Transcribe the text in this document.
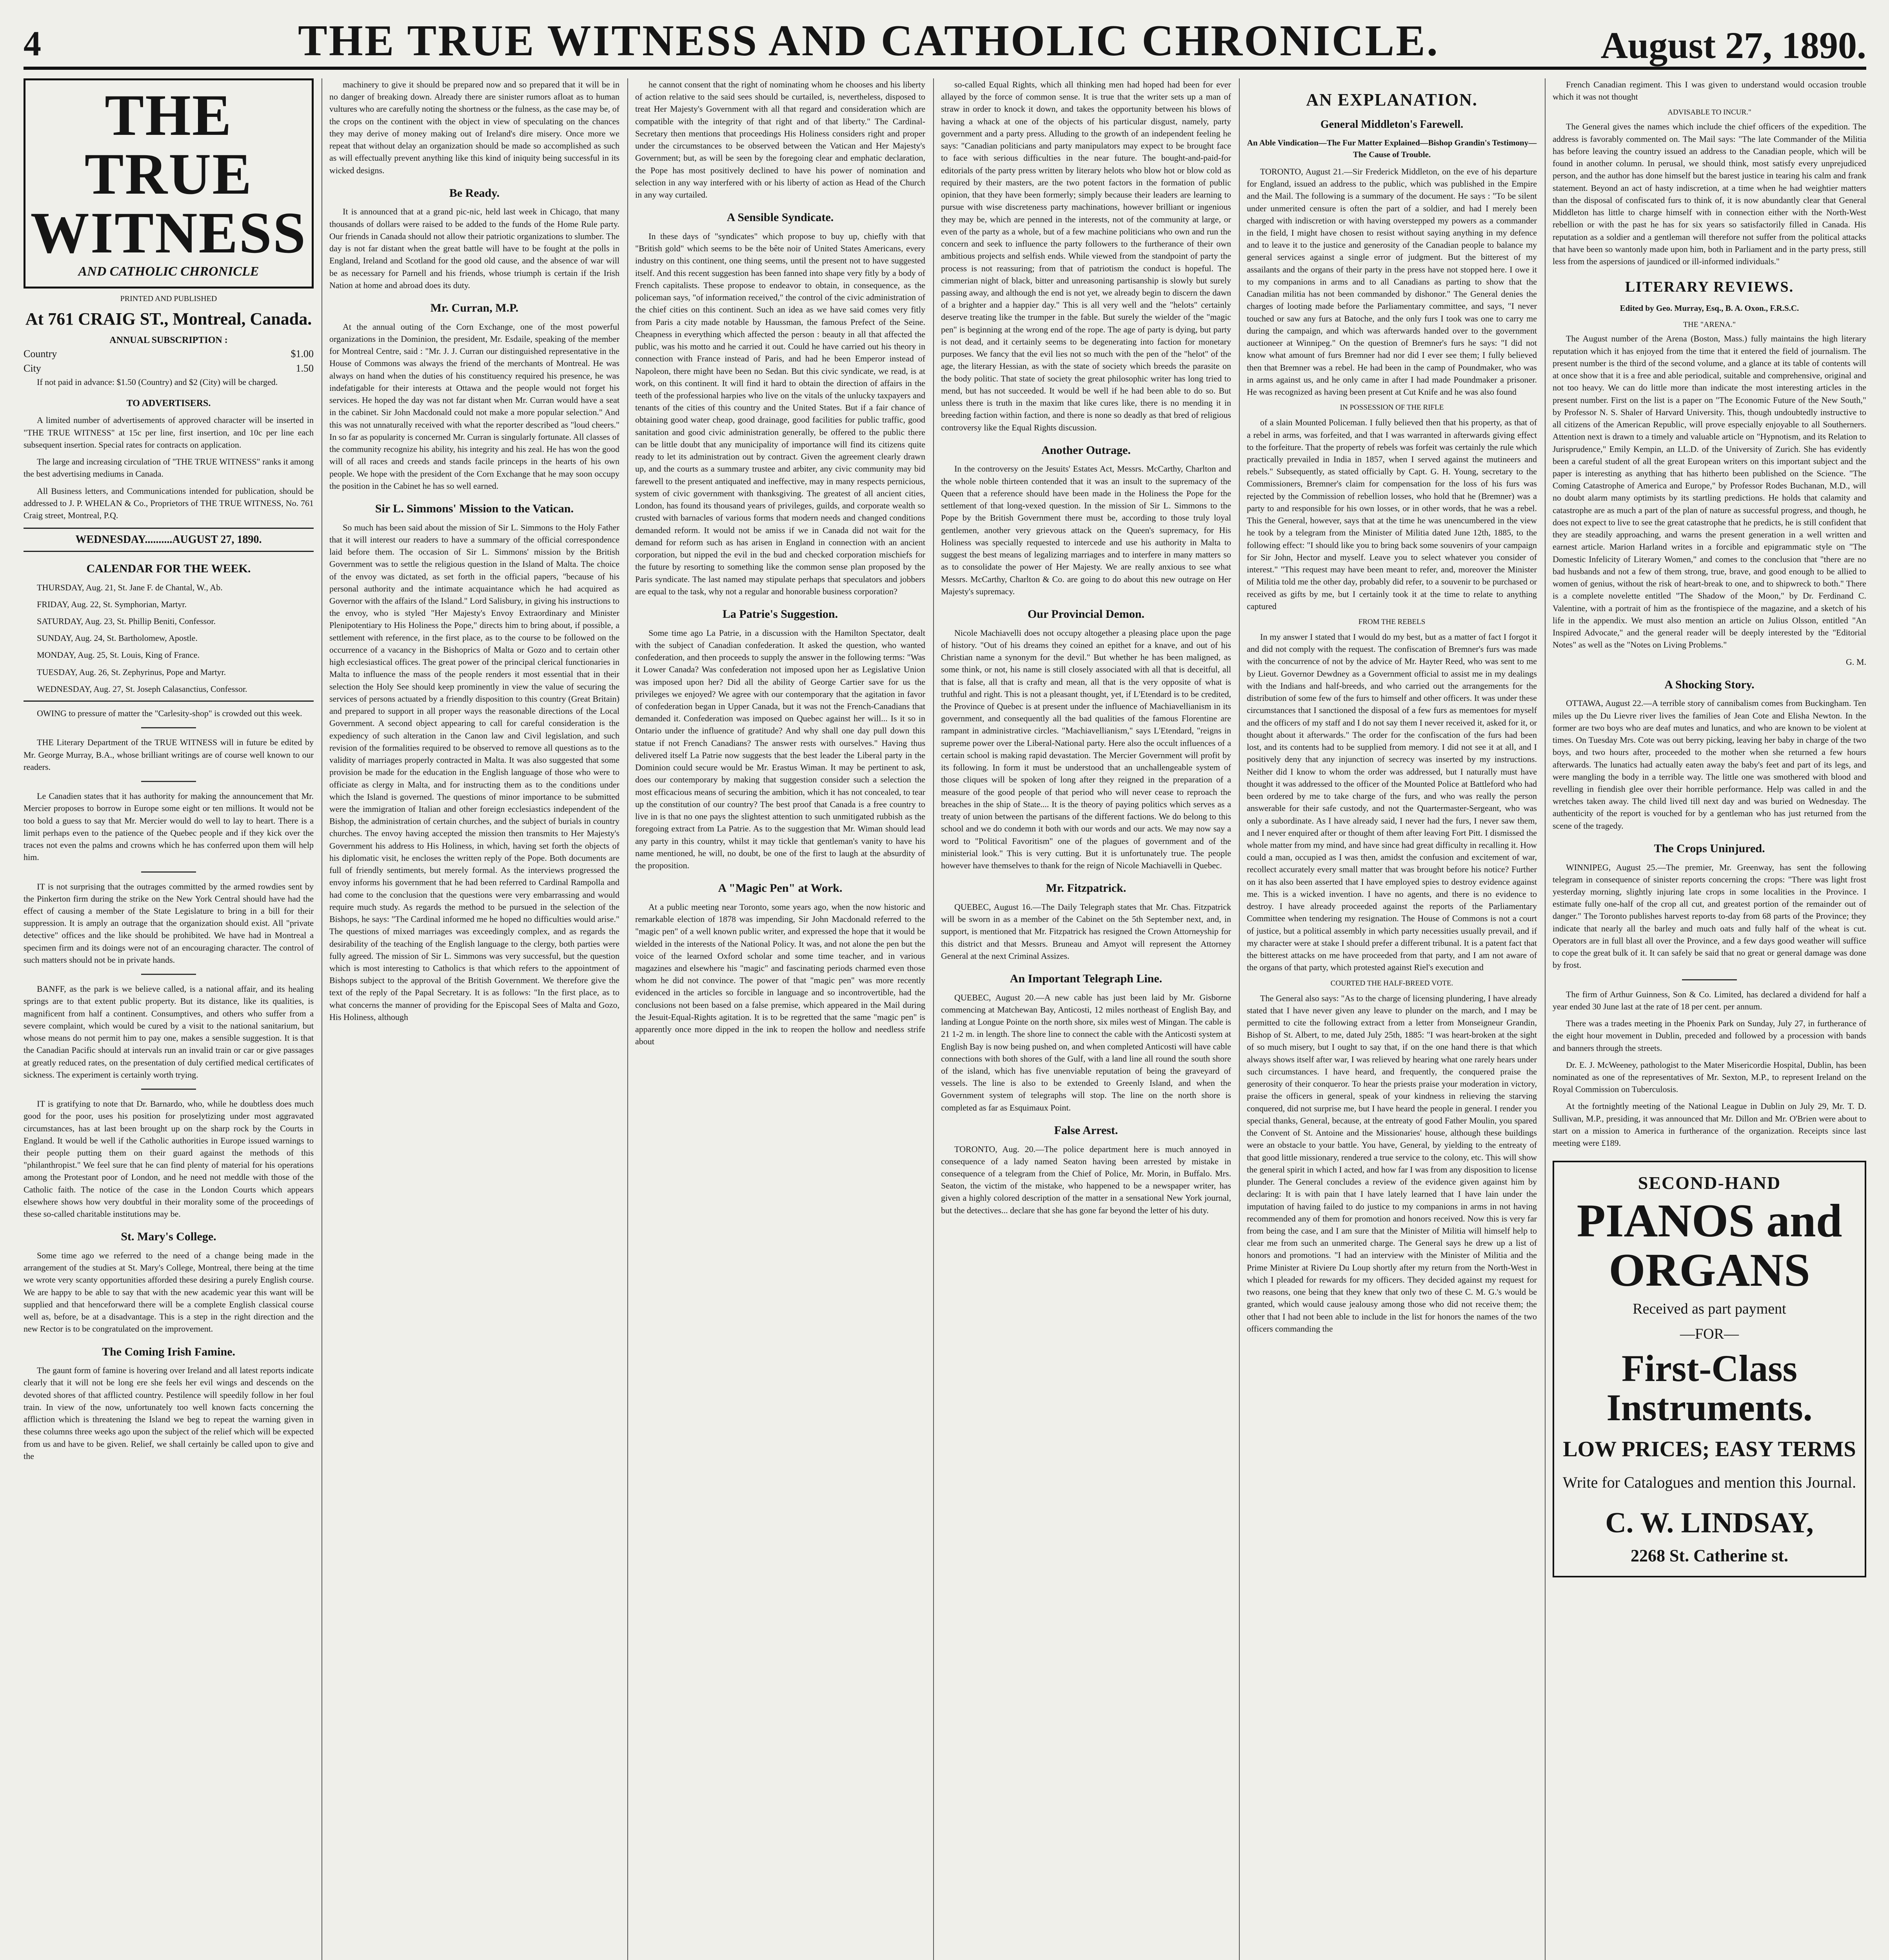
4	THE TRUE WITNESS AND CATHOLIC CHRONICLE.	August 27, 1890.
THE TRUE WITNESS
AND CATHOLIC CHRONICLE
PRINTED AND PUBLISHED
At 761 CRAIG ST., Montreal, Canada.
ANNUAL SUBSCRIPTION :
Country	$1.00
City	1.50

If not paid in advance: $1.50 (Country) and $2 (City) will be charged.

TO ADVERTISERS.

A limited number of advertisements of approved character will be inserted in "THE TRUE WITNESS" at 15c per line, first insertion, and 10c per line each subsequent insertion. Special rates for contracts on application.

The large and increasing circulation of "THE TRUE WITNESS" ranks it among the best advertising mediums in Canada.

All Business letters, and Communications intended for publication, should be addressed to J. P. WHELAN & Co., Proprietors of THE TRUE WITNESS, No. 761 Craig street, Montreal, P.Q.

WEDNESDAY..........AUGUST 27, 1890.
CALENDAR FOR THE WEEK.

THURSDAY, Aug. 21, St. Jane F. de Chantal, W., Ab.

FRIDAY, Aug. 22, St. Symphorian, Martyr.

SATURDAY, Aug. 23, St. Phillip Beniti, Confessor.

SUNDAY, Aug. 24, St. Bartholomew, Apostle.

MONDAY, Aug. 25, St. Louis, King of France.

TUESDAY, Aug. 26, St. Zephyrinus, Pope and Martyr.

WEDNESDAY, Aug. 27, St. Joseph Calasanctius, Confessor.

OWING to pressure of matter the "Carlesity-shop" is crowded out this week.

THE Literary Department of the TRUE WITNESS will in future be edited by Mr. George Murray, B.A., whose brilliant writings are of course well known to our readers.

Le Canadien states that it has authority for making the announcement that Mr. Mercier proposes to borrow in Europe some eight or ten millions. It would not be too bold a guess to say that Mr. Mercier would do well to lay to heart. There is a limit perhaps even to the patience of the Quebec people and if they kick over the traces not even the palms and crowns which he has conferred upon them will help him.

IT is not surprising that the outrages committed by the armed rowdies sent by the Pinkerton firm during the strike on the New York Central should have had the effect of causing a member of the State Legislature to bring in a bill for their suppression. It is amply an outrage that the organization should exist. All "private detective" offices and the like should be prohibited. We have had in Montreal a specimen firm and its doings were not of an encouraging character. The control of such matters should not be in private hands.

BANFF, as the park is we believe called, is a national affair, and its healing springs are to that extent public property. But its distance, like its qualities, is magnificent from half a continent. Consumptives, and others who suffer from a severe complaint, which would be cured by a visit to the national sanitarium, but whose means do not permit him to pay one, makes a sensible suggestion. It is that the Canadian Pacific should at intervals run an invalid train or car or give passages at greatly reduced rates, on the presentation of duly certified medical certificates of sickness. The experiment is certainly worth trying.

IT is gratifying to note that Dr. Barnardo, who, while he doubtless does much good for the poor, uses his position for proselytizing under most aggravated circumstances, has at last been brought up on the sharp rock by the Courts in England. It would be well if the Catholic authorities in Europe issued warnings to their people putting them on their guard against the methods of this "philanthropist." We feel sure that he can find plenty of material for his operations among the Protestant poor of London, and he need not meddle with those of the Catholic faith. The notice of the case in the London Courts which appears elsewhere shows how very doubtful in their morality some of the proceedings of these so-called charitable institutions may be.

St. Mary's College.

Some time ago we referred to the need of a change being made in the arrangement of the studies at St. Mary's College, Montreal, there being at the time we wrote very scanty opportunities afforded these desiring a purely English course. We are happy to be able to say that with the new academic year this want will be supplied and that henceforward there will be a complete English classical course well as, before, be at a disadvantage. This is a step in the right direction and the new Rector is to be congratulated on the improvement.

The Coming Irish Famine.

The gaunt form of famine is hovering over Ireland and all latest reports indicate clearly that it will not be long ere she feels her evil wings and descends on the devoted shores of that afflicted country. Pestilence will speedily follow in her foul train. In view of the now, unfortunately too well known facts concerning the affliction which is threatening the Island we beg to repeat the warning given in these columns three weeks ago upon the subject of the relief which will be expected from us and have to be given. Relief, we shall certainly be called upon to give and the

machinery to give it should be prepared now and so prepared that it will be in no danger of breaking down. Already there are sinister rumors afloat as to human vultures who are carefully noting the shortness or the fulness, as the case may be, of the crops on the continent with the object in view of speculating on the chances they may derive of money making out of Ireland's dire misery. Once more we repeat that without delay an organization should be made so accomplished as such as will effectually prevent anything like this kind of iniquity being successful in its wicked designs.

Be Ready.

It is announced that at a grand pic-nic, held last week in Chicago, that many thousands of dollars were raised to be added to the funds of the Home Rule party. Our friends in Canada should not allow their patriotic organizations to slumber. The day is not far distant when the great battle will have to be fought at the polls in England, Ireland and Scotland for the good old cause, and the absence of war will be as necessary for Parnell and his friends, whose triumph is certain if the Irish Nation at home and abroad does its duty.

Mr. Curran, M.P.

At the annual outing of the Corn Exchange, one of the most powerful organizations in the Dominion, the president, Mr. Esdaile, speaking of the member for Montreal Centre, said : "Mr. J. J. Curran our distinguished representative in the House of Commons was always the friend of the merchants of Montreal. He was always on hand when the duties of his constituency required his presence, he was indefatigable for their interests at Ottawa and the people would not forget his services. He hoped the day was not far distant when Mr. Curran would have a seat in the cabinet. Sir John Macdonald could not make a more popular selection." And this was not unnaturally received with what the reporter described as "loud cheers." In so far as popularity is concerned Mr. Curran is singularly fortunate. All classes of the community recognize his ability, his integrity and his zeal. He has won the good will of all races and creeds and stands facile princeps in the hearts of his own people. We hope with the president of the Corn Exchange that he may soon occupy the position in the Cabinet he has so well earned.

Sir L. Simmons' Mission to the Vatican.

So much has been said about the mission of Sir L. Simmons to the Holy Father that it will interest our readers to have a summary of the official correspondence laid before them. The occasion of Sir L. Simmons' mission by the British Government was to settle the religious question in the Island of Malta. The choice of the envoy was dictated, as set forth in the official papers, "because of his personal authority and the intimate acquaintance which he had acquired as Governor with the affairs of the Island." Lord Salisbury, in giving his instructions to the envoy, who is styled "Her Majesty's Envoy Extraordinary and Minister Plenipotentiary to His Holiness the Pope," directs him to bring about, if possible, a settlement with reference, in the first place, as to the course to be followed on the occurrence of a vacancy in the Bishoprics of Malta or Gozo and to certain other high ecclesiastical offices. The great power of the principal clerical functionaries in Malta to influence the mass of the people renders it most essential that in their selection the Holy See should keep prominently in view the value of securing the services of persons actuated by a friendly disposition to this country (Great Britain) and prepared to support in all proper ways the reasonable directions of the Local Government. A second object appearing to call for careful consideration is the expediency of such alteration in the Canon law and Civil legislation, and such revision of the formalities required to be observed to remove all questions as to the validity of marriages properly contracted in Malta. It was also suggested that some provision be made for the education in the English language of those who were to officiate as clergy in Malta, and for instructing them as to the conditions under which the Island is governed. The questions of minor importance to be submitted were the immigration of Italian and other foreign ecclesiastics independent of the Bishop, the administration of certain churches, and the subject of burials in country churches. The envoy having accepted the mission then transmits to Her Majesty's Government his address to His Holiness, in which, having set forth the objects of his diplomatic visit, he encloses the written reply of the Pope. Both documents are full of friendly sentiments, but merely formal. As the interviews progressed the envoy informs his government that he had been referred to Cardinal Rampolla and had come to the conclusion that the questions were very embarrassing and would require much study. As regards the method to be pursued in the selection of the Bishops, he says: "The Cardinal informed me he hoped no difficulties would arise." The questions of mixed marriages was exceedingly complex, and as regards the desirability of the teaching of the English language to the clergy, both parties were fully agreed. The mission of Sir L. Simmons was very successful, but the question which is most interesting to Catholics is that which refers to the appointment of Bishops subject to the approval of the British Government. We therefore give the text of the reply of the Papal Secretary. It is as follows: "In the first place, as to what concerns the manner of providing for the Episcopal Sees of Malta and Gozo, His Holiness, although

he cannot consent that the right of nominating whom he chooses and his liberty of action relative to the said sees should be curtailed, is, nevertheless, disposed to treat Her Majesty's Government with all that regard and consideration which are compatible with the integrity of that right and of that liberty." The Cardinal-Secretary then mentions that proceedings His Holiness considers right and proper under the circumstances to be observed between the Vatican and Her Majesty's Government; but, as will be seen by the foregoing clear and emphatic declaration, the Pope has most positively declined to have his power of nomination and selection in any way interfered with or his liberty of action as Head of the Church in any way curtailed.

A Sensible Syndicate.

In these days of "syndicates" which propose to buy up, chiefly with that "British gold" which seems to be the bête noir of United States Americans, every industry on this continent, one thing seems, until the present not to have suggested itself. And this recent suggestion has been fanned into shape very fitly by a body of French capitalists. These propose to endeavor to obtain, in consequence, as the policeman says, "of information received," the control of the civic administration of the chief cities on this continent. Such an idea as we have said comes very fitly from Paris a city made notable by Haussman, the famous Prefect of the Seine. Cheapness in everything which affected the person : beauty in all that affected the public, was his motto and he carried it out. Could he have carried out his theory in connection with France instead of Paris, and had he been Emperor instead of Napoleon, there might have been no Sedan. But this civic syndicate, we read, is at work, on this continent. It will find it hard to obtain the direction of affairs in the teeth of the professional harpies who live on the vitals of the unlucky taxpayers and tenants of the cities of this country and the United States. But if a fair chance of obtaining good water cheap, good drainage, good facilities for public traffic, good sanitation and good civic administration generally, be offered to the public there can be little doubt that any municipality of importance will find its citizens quite ready to let its administration out by contract. Given the agreement clearly drawn up, and the courts as a summary trustee and arbiter, any civic community may bid farewell to the present antiquated and ineffective, may in many respects pernicious, system of civic government with thanksgiving. The greatest of all ancient cities, London, has found its thousand years of privileges, guilds, and corporate wealth so crusted with barnacles of various forms that modern needs and changed conditions demanded reform. It would not be amiss if we in Canada did not wait for the demand for reform such as has arisen in England in connection with an ancient corporation, but nipped the evil in the bud and checked corporation mischiefs for the future by resorting to something like the common sense plan proposed by the Paris syndicate. The last named may stipulate perhaps that speculators and jobbers are equal to the task, why not a regular and honorable business corporation?

La Patrie's Suggestion.

Some time ago La Patrie, in a discussion with the Hamilton Spectator, dealt with the subject of Canadian confederation. It asked the question, who wanted confederation, and then proceeds to supply the answer in the following terms: "Was it Lower Canada? Was confederation not imposed upon her as Legislative Union was imposed upon her? Did all the ability of George Cartier save for us the privileges we enjoyed? We agree with our contemporary that the agitation in favor of confederation began in Upper Canada, but it was not the French-Canadians that demanded it. Confederation was imposed on Quebec against her will... Is it so in Ontario under the influence of gratitude? And why shall one day pull down this statue if not French Canadians? The answer rests with ourselves." Having thus delivered itself La Patrie now suggests that the best leader the Liberal party in the Dominion could secure would be Mr. Erastus Wiman. It may be pertinent to ask, does our contemporary by making that suggestion consider such a selection the most efficacious means of securing the ambition, which it has not concealed, to tear up the constitution of our country? The best proof that Canada is a free country to live in is that no one pays the slightest attention to such unmitigated rubbish as the foregoing extract from La Patrie. As to the suggestion that Mr. Wiman should lead any party in this country, whilst it may tickle that gentleman's vanity to have his name mentioned, he will, no doubt, be one of the first to laugh at the absurdity of the proposition.

A "Magic Pen" at Work.

At a public meeting near Toronto, some years ago, when the now historic and remarkable election of 1878 was impending, Sir John Macdonald referred to the "magic pen" of a well known public writer, and expressed the hope that it would be wielded in the interests of the National Policy. It was, and not alone the pen but the voice of the learned Oxford scholar and some time teacher, and in various magazines and elsewhere his "magic" and fascinating periods charmed even those whom he did not convince. The power of that "magic pen" was more recently evidenced in the articles so forcible in language and so incontrovertible, had the conclusions not been based on a false premise, which appeared in the Mail during the Jesuit-Equal-Rights agitation. It is to be regretted that the same "magic pen" is apparently once more dipped in the ink to reopen the hollow and needless strife about

so-called Equal Rights, which all thinking men had hoped had been for ever allayed by the force of common sense. It is true that the writer sets up a man of straw in order to knock it down, and takes the opportunity between his blows of having a whack at one of the objects of his particular disgust, namely, party government and a party press. Alluding to the growth of an independent feeling he says: "Canadian politicians and party manipulators may expect to be brought face to face with serious difficulties in the near future. The bought-and-paid-for editorials of the party press written by literary helots who blow hot or blow cold as required by their masters, are the two potent factors in the formation of public opinion, that they have been formerly; simply because their leaders are learning to pursue with wise discreteness party machinations, however brilliant or ingenious they may be, which are penned in the interests, not of the community at large, or even of the party as a whole, but of a few machine politicians who own and run the concern and seek to influence the party followers to the furtherance of their own ambitious projects and selfish ends. While viewed from the standpoint of party the process is not reassuring; from that of patriotism the conduct is hopeful. The cimmerian night of black, bitter and unreasoning partisanship is slowly but surely passing away, and although the end is not yet, we already begin to discern the dawn of a brighter and a happier day." This is all very well and the "helots" certainly deserve treating like the trumper in the fable. But surely the wielder of the "magic pen" is beginning at the wrong end of the rope. The age of party is dying, but party is not dead, and it certainly seems to be degenerating into faction for monetary purposes. We fancy that the evil lies not so much with the pen of the "helot" of the age, the literary Hessian, as with the state of society which breeds the parasite on the body politic. That state of society the great philosophic writer has long tried to mend, but has not succeeded. It would be well if he had been able to do so. But unless there is truth in the maxim that like cures like, there is no mending it in breeding faction within faction, and there is none so deadly as that bred of religious controversy like the Equal Rights discussion.

Another Outrage.

In the controversy on the Jesuits' Estates Act, Messrs. McCarthy, Charlton and the whole noble thirteen contended that it was an insult to the supremacy of the Queen that a reference should have been made in the Holiness the Pope for the settlement of that long-vexed question. In the mission of Sir L. Simmons to the Pope by the British Government there must be, according to those truly loyal gentlemen, another very grievous attack on the Queen's supremacy, for His Holiness was specially requested to intercede and use his authority in Malta to suggest the best means of legalizing marriages and to interfere in many matters so as to consolidate the power of Her Majesty. We are really anxious to see what Messrs. McCarthy, Charlton & Co. are going to do about this new outrage on Her Majesty's supremacy.

Our Provincial Demon.

Nicole Machiavelli does not occupy altogether a pleasing place upon the page of history. "Out of his dreams they coined an epithet for a knave, and out of his Christian name a synonym for the devil." But whether he has been maligned, as some think, or not, his name is still closely associated with all that is deceitful, all that is false, all that is crafty and mean, all that is the very opposite of what is truthful and right. This is not a pleasant thought, yet, if L'Etendard is to be credited, the Province of Quebec is at present under the influence of Machiavellianism in its government, and consequently all the bad qualities of the famous Florentine are rampant in administrative circles. "Machiavellianism," says L'Etendard, "reigns in supreme power over the Liberal-National party. Here also the occult influences of a certain school is making rapid devastation. The Mercier Government will profit by its following. In form it must be understood that an unchallengeable system of those cliques will be spoken of long after they reigned in the preparation of a measure of the good people of that period who will never cease to reproach the breaches in the ship of State.... It is the theory of paying politics which serves as a treaty of union between the partisans of the different factions. We do belong to this school and we do condemn it both with our words and our acts. We may now say a word to "Political Favoritism" one of the plagues of government and of the ministerial look." This is very cutting. But it is unfortunately true. The people however have themselves to thank for the reign of Nicole Machiavelli in Quebec.

Mr. Fitzpatrick.

QUEBEC, August 16.—The Daily Telegraph states that Mr. Chas. Fitzpatrick will be sworn in as a member of the Cabinet on the 5th September next, and, in support, is mentioned that Mr. Fitzpatrick has resigned the Crown Attorneyship for this district and that Messrs. Bruneau and Amyot will represent the Attorney General at the next Criminal Assizes.

An Important Telegraph Line.

QUEBEC, August 20.—A new cable has just been laid by Mr. Gisborne commencing at Matchewan Bay, Anticosti, 12 miles northeast of English Bay, and landing at Longue Pointe on the north shore, six miles west of Mingan. The cable is 21 1-2 m. in length. The shore line to connect the cable with the Anticosti system at English Bay is now being pushed on, and when completed Anticosti will have cable connections with both shores of the Gulf, with a land line all round the south shore of the island, which has five unenviable reputation of being the graveyard of vessels. The line is also to be extended to Greenly Island, and when the Government system of telegraphs will stop. The line on the north shore is completed as far as Esquimaux Point.

False Arrest.

TORONTO, Aug. 20.—The police department here is much annoyed in consequence of a lady named Seaton having been arrested by mistake in consequence of a telegram from the Chief of Police, Mr. Morin, in Buffalo. Mrs. Seaton, the victim of the mistake, who happened to be a newspaper writer, has given a highly colored description of the matter in a sensational New York journal, but the detectives... declare that she has gone far beyond the letter of his duty.

AN EXPLANATION.
General Middleton's Farewell.
An Able Vindication—The Fur Matter Explained—Bishop Grandin's Testimony—The Cause of Trouble.

TORONTO, August 21.—Sir Frederick Middleton, on the eve of his departure for England, issued an address to the public, which was published in the Empire and the Mail. The following is a summary of the document. He says : "To be silent under unmerited censure is often the part of a soldier, and had I merely been charged with indiscretion or with having overstepped my powers as a commander in the field, I might have chosen to resist without saying anything in my defence and to leave it to the justice and generosity of the Canadian people to balance my general services against a single error of judgment. But the bitterest of my assailants and the organs of their party in the press have not stopped here. I owe it to my companions in arms and to all Canadians as parting to show that the Canadian militia has not been commanded by dishonor." The General denies the charges of looting made before the Parliamentary committee, and says, "I never touched or saw any furs at Batoche, and the only furs I took was one to carry me during the campaign, and which was afterwards handed over to the government auctioneer at Winnipeg." On the question of Bremner's furs he says: "I did not know what amount of furs Bremner had nor did I ever see them; I fully believed then that Bremner was a rebel. He had been in the camp of Poundmaker, who was in arms against us, and he only came in after I had made Poundmaker a prisoner. He was recognized as having been present at Cut Knife and he was also found

IN POSSESSION OF THE RIFLE

of a slain Mounted Policeman. I fully believed then that his property, as that of a rebel in arms, was forfeited, and that I was warranted in afterwards giving effect to the forfeiture. That the property of rebels was forfeit was certainly the rule which practically prevailed in India in 1857, when I served against the mutineers and rebels." Subsequently, as stated officially by Capt. G. H. Young, secretary to the Commissioners, Bremner's claim for compensation for the loss of his furs was rejected by the Commission of rebellion losses, who hold that he (Bremner) was a party to and responsible for his own losses, or in other words, that he was a rebel. This the General, however, says that at the time he was unencumbered in the view he took by a telegram from the Minister of Militia dated June 12th, 1885, to the following effect: "I should like you to bring back some souvenirs of your campaign for Sir John, Hector and myself. Leave you to select whatever you consider of interest." "This request may have been meant to refer, and, moreover the Minister of Militia told me the other day, probably did refer, to a souvenir to be purchased or received as gifts by me, but I certainly took it at the time to relate to anything captured

FROM THE REBELS

In my answer I stated that I would do my best, but as a matter of fact I forgot it and did not comply with the request. The confiscation of Bremner's furs was made with the concurrence of not by the advice of Mr. Hayter Reed, who was sent to me by Lieut. Governor Dewdney as a Government official to assist me in my dealings with the Indians and half-breeds, and who carried out the arrangements for the distribution of some few of the furs to himself and other officers. It was under these circumstances that I sanctioned the disposal of a few furs as mementoes for myself and the officers of my staff and I do not say them I never received it, asked for it, or thought about it afterwards." The order for the confiscation of the furs had been lost, and its contents had to be supplied from memory. I did not see it at all, and I positively deny that any injunction of secrecy was inserted by my instructions. Neither did I know to whom the order was addressed, but I naturally must have thought it was addressed to the officer of the Mounted Police at Battleford who had been ordered by me to take charge of the furs, and who was really the person answerable for their safe custody, and not the Quartermaster-Sergeant, who was only a subordinate. As I have already said, I never had the furs, I never saw them, and I never enquired after or thought of them after leaving Fort Pitt. I dismissed the whole matter from my mind, and have since had great difficulty in recalling it. How could a man, occupied as I was then, amidst the confusion and excitement of war, recollect accurately every small matter that was brought before his notice? Further on it has also been asserted that I have employed spies to destroy evidence against me. This is a wicked invention. I have no agents, and there is no evidence to destroy. I have already proceeded against the reports of the Parliamentary Committee when tendering my resignation. The House of Commons is not a court of justice, but a political assembly in which party necessities usually prevail, and if my character were at stake I should prefer a different tribunal. It is a patent fact that the bitterest attacks on me have proceeded from that party, and I am not aware of the organs of that party, which protested against Riel's execution and

COURTED THE HALF-BREED VOTE.

The General also says: "As to the charge of licensing plundering, I have already stated that I have never given any leave to plunder on the march, and I may be permitted to cite the following extract from a letter from Monseigneur Grandin, Bishop of St. Albert, to me, dated July 25th, 1885: "I was heart-broken at the sight of so much misery, but I ought to say that, if on the one hand there is that which always shows itself after war, I was relieved by hearing what one rarely hears under such circumstances. I have heard, and frequently, the conquered praise the generosity of their conqueror. To hear the priests praise your moderation in victory, praise the officers in general, speak of your kindness in relieving the starving conquered, did not surprise me, but I have heard the people in general. I render you special thanks, General, because, at the entreaty of good Father Moulin, you spared the Convent of St. Antoine and the Missionaries' house, although these buildings were an obstacle to your battle. You have, General, by yielding to the entreaty of that good little missionary, rendered a true service to the colony, etc. This will show the general spirit in which I acted, and how far I was from any disposition to license plunder. The General concludes a review of the evidence given against him by declaring: It is with pain that I have lately learned that I have lain under the imputation of having failed to do justice to my companions in arms in not having recommended any of them for promotion and honors received. Now this is very far from being the case, and I am sure that the Minister of Militia will himself help to clear me from such an unmerited charge. The General says he drew up a list of honors and promotions. "I had an interview with the Minister of Militia and the Prime Minister at Riviere Du Loup shortly after my return from the North-West in which I pleaded for rewards for my officers. They decided against my request for two reasons, one being that they knew that only two of these C. M. G.'s would be granted, which would cause jealousy among those who did not receive them; the other that I had not been able to include in the list for honors the names of the two officers commanding the

French Canadian regiment. This I was given to understand would occasion trouble which it was not thought

ADVISABLE TO INCUR."

The General gives the names which include the chief officers of the expedition. The address is favorably commented on. The Mail says: "The late Commander of the Militia has before leaving the country issued an address to the Canadian people, which will be found in another column. In perusal, we should think, most satisfy every unprejudiced person, and the author has done himself but the barest justice in tearing his calm and frank statement. Beyond an act of hasty indiscretion, at a time when he had weightier matters than the disposal of confiscated furs to think of, it is now abundantly clear that General Middleton has little to charge himself with in connection either with the North-West rebellion or with the past he has for six years so satisfactorily filled in Canada. His reputation as a soldier and a gentleman will therefore not suffer from the political attacks that have been so wantonly made upon him, both in Parliament and in the party press, still less from the aspersions of jaundiced or ill-informed individuals."

LITERARY REVIEWS.
Edited by Geo. Murray, Esq., B. A. Oxon., F.R.S.C.
THE "ARENA."

The August number of the Arena (Boston, Mass.) fully maintains the high literary reputation which it has enjoyed from the time that it entered the field of journalism. The present number is the third of the second volume, and a glance at its table of contents will at once show that it is a free and able periodical, suitable and comprehensive, original and not too heavy. We can do little more than indicate the most interesting articles in the present number. First on the list is a paper on "The Economic Future of the New South," by Professor N. S. Shaler of Harvard University. This, though undoubtedly instructive to all citizens of the American Republic, will prove especially enjoyable to all Southerners. Attention next is drawn to a timely and valuable article on "Hypnotism, and its Relation to Jurisprudence," Emily Kempin, an LL.D. of the University of Zurich. She has evidently been a careful student of all the great European writers on this important subject and the paper is interesting as anything that has hitherto been published on the Science. "The Coming Catastrophe of America and Europe," by Professor Rodes Buchanan, M.D., will no doubt alarm many optimists by its startling predictions. He holds that calamity and catastrophe are as much a part of the plan of nature as successful progress, and though, he does not expect to live to see the great catastrophe that he predicts, he is still confident that they are steadily approaching, and warns the present generation in a well written and earnest article. Marion Harland writes in a forcible and epigrammatic style on "The Domestic Infelicity of Literary Women," and comes to the conclusion that "there are no bad husbands and not a few of them strong, true, brave, and good enough to be allied to women of genius, without the risk of heart-break to one, and to shipwreck to both." There is a complete novelette entitled "The Shadow of the Moon," by Dr. Ferdinand C. Valentine, with a portrait of him as the frontispiece of the magazine, and a sketch of his life in the appendix. We must also mention an article on Julius Olsson, entitled "An Inspired Advocate," and the general reader will be deeply interested by the "Editorial Notes" as well as the "Notes on Living Problems."

G. M.
A Shocking Story.

OTTAWA, August 22.—A terrible story of cannibalism comes from Buckingham. Ten miles up the Du Lievre river lives the families of Jean Cote and Elisha Newton. In the former are two boys who are deaf mutes and lunatics, and who are known to be violent at times. On Tuesday Mrs. Cote was out berry picking, leaving her baby in charge of the two boys, and two hours after, proceeded to the mother when she returned a few hours afterwards. The lunatics had actually eaten away the baby's feet and part of its legs, and were mangling the body in a terrible way. The little one was smothered with blood and revelling in fiendish glee over their horrible performance. Help was called in and the wretches taken away. The child lived till next day and was buried on Wednesday. The authenticity of the report is vouched for by a gentleman who has just returned from the scene of the tragedy.

The Crops Uninjured.

WINNIPEG, August 25.—The premier, Mr. Greenway, has sent the following telegram in consequence of sinister reports concerning the crops: "There was light frost yesterday morning, slightly injuring late crops in some localities in the Province. I estimate fully one-half of the crop all cut, and greatest portion of the remainder out of danger." The Toronto publishes harvest reports to-day from 68 parts of the Province; they indicate that nearly all the barley and much oats and fully half of the wheat is cut. Operators are in full blast all over the Province, and a few days good weather will suffice to cope the great bulk of it. It can safely be said that no great or general damage was done by frost.

The firm of Arthur Guinness, Son & Co. Limited, has declared a dividend for half a year ended 30 June last at the rate of 18 per cent. per annum.

There was a trades meeting in the Phoenix Park on Sunday, July 27, in furtherance of the eight hour movement in Dublin, preceded and followed by a procession with bands and banners through the streets.

Dr. E. J. McWeeney, pathologist to the Mater Misericordie Hospital, Dublin, has been nominated as one of the representatives of Mr. Sexton, M.P., to represent Ireland on the Royal Commission on Tuberculosis.

At the fortnightly meeting of the National League in Dublin on July 29, Mr. T. D. Sullivan, M.P., presiding, it was announced that Mr. Dillon and Mr. O'Brien were about to start on a mission to America in furtherance of the organization. Receipts since last meeting were £189.

SECOND-HAND
PIANOS and ORGANS
Received as part payment
—FOR—
First-Class Instruments.
LOW PRICES; EASY TERMS
Write for Catalogues and mention this Journal.
C. W. LINDSAY,
2268 St. Catherine st.
